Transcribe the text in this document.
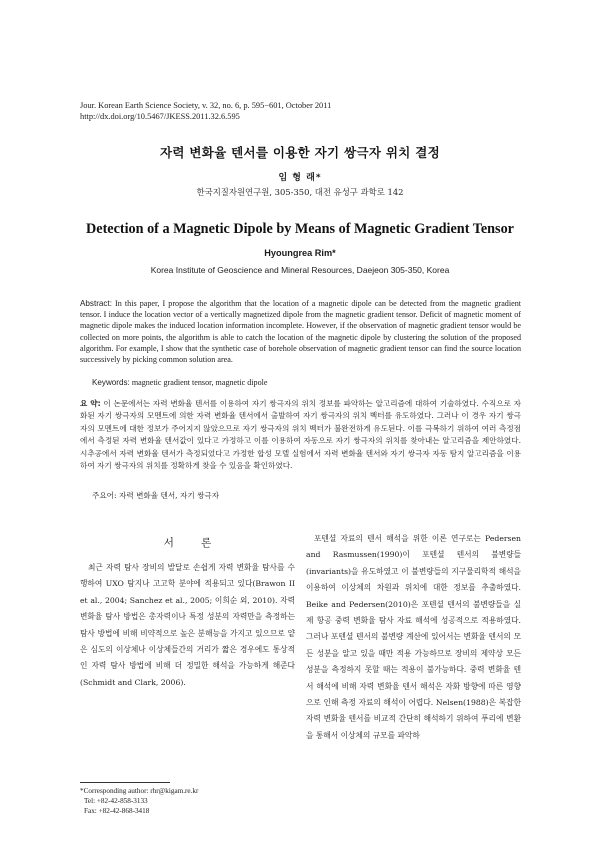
Jour. Korean Earth Science Society, v. 32, no. 6, p. 595−601, October 2011
http://dx.doi.org/10.5467/JKESS.2011.32.6.595
자력 변화율 텐서를 이용한 자기 쌍극자 위치 결정
임 형 래*
한국지질자원연구원, 305-350, 대전 유성구 과학로 142
Detection of a Magnetic Dipole by Means of Magnetic Gradient Tensor
Hyoungrea Rim*
Korea Institute of Geoscience and Mineral Resources, Daejeon 305-350, Korea
Abstract: In this paper, I propose the algorithm that the location of a magnetic dipole can be detected from the magnetic gradient tensor. I induce the location vector of a vertically magnetized dipole from the magnetic gradient tensor. Deficit of magnetic moment of magnetic dipole makes the induced location information incomplete. However, if the observation of magnetic gradient tensor would be collected on more points, the algorithm is able to catch the location of the magnetic dipole by clustering the solution of the proposed algorithm. For example, I show that the synthetic case of borehole observation of magnetic gradient tensor can find the source location successively by picking common solution area.
Keywords: magnetic gradient tensor, magnetic dipole
요 약: 이 논문에서는 자력 변화율 텐서를 이용하여 자기 쌍극자의 위치 정보를 파악하는 알고리즘에 대하여 기술하였다. 수직으로 자화된 자기 쌍극자의 모멘트에 의한 자력 변화율 텐서에서 출발하여 자기 쌍극자의 위치 벡터를 유도하였다. 그러나 이 경우 자기 쌍극자의 모멘트에 대한 정보가 주어지지 않았으므로 자기 쌍극자의 위치 벡터가 불완전하게 유도된다. 이를 극복하기 위하여 여러 측정점에서 측정된 자력 변화율 텐서값이 있다고 가정하고 이를 이용하여 자동으로 자기 쌍극자의 위치를 찾아내는 알고리즘을 제안하였다. 시추공에서 자력 변화율 텐서가 측정되었다고 가정한 합성 모델 실험에서 자력 변화율 텐서와 자기 쌍극자 자동 탐지 알고리즘을 이용하여 자기 쌍극자의 위치를 정확하게 찾을 수 있음을 확인하였다.
주요어: 자력 변화율 텐서, 자기 쌍극자
서 론
최근 자력 탐사 장비의 발달로 손쉽게 자력 변화율 탐사를 수행하여 UXO 탐지나 고고학 분야에 적용되고 있다(Brawon II et al., 2004; Sanchez et al., 2005; 이희순 외, 2010). 자력 변화율 탐사 방법은 총자력이나 특정 성분의 자력만을 측정하는 탐사 방법에 비해 비약적으로 높은 분해능을 가지고 있으므로 얕은 심도의 이상체나 이상체들간의 거리가 짧은 경우에도 통상적인 자력 탐사 방법에 비해 더 정밀한 해석을 가능하게 해준다(Schmidt and Clark, 2006).
포텐셜 자료의 텐서 해석을 위한 이론 연구로는 Pedersen and Rasmussen(1990)이 포텐셜 텐서의 불변량들(invariants)을 유도하였고 이 불변량들의 지구물리학적 해석을 이용하여 이상체의 차원과 위치에 대한 정보를 추출하였다. Beike and Pedersen(2010)은 포텐셜 텐서의 불변량들을 실제 항공 중력 변화율 탐사 자료 해석에 성공적으로 적용하였다. 그러나 포텐셜 텐서의 불변량 계산에 있어서는 변화율 텐서의 모든 성분을 알고 있을 때만 적용 가능하므로 장비의 제약상 모든 성분을 측정하지 못할 때는 적용이 불가능하다. 중력 변화율 텐서 해석에 비해 자력 변화율 텐서 해석은 자화 방향에 따른 영향으로 인해 측정 자료의 해석이 어렵다. Nelsen(1988)은 복잡한 자력 변화율 텐서를 비교적 간단히 해석하기 위하여 푸리에 변환을 통해서 이상체의 규모를 파악하
*Corresponding author: rhr@kigam.re.kr
Tel: +82-42-858-3133
Fax: +82-42-868-3418
